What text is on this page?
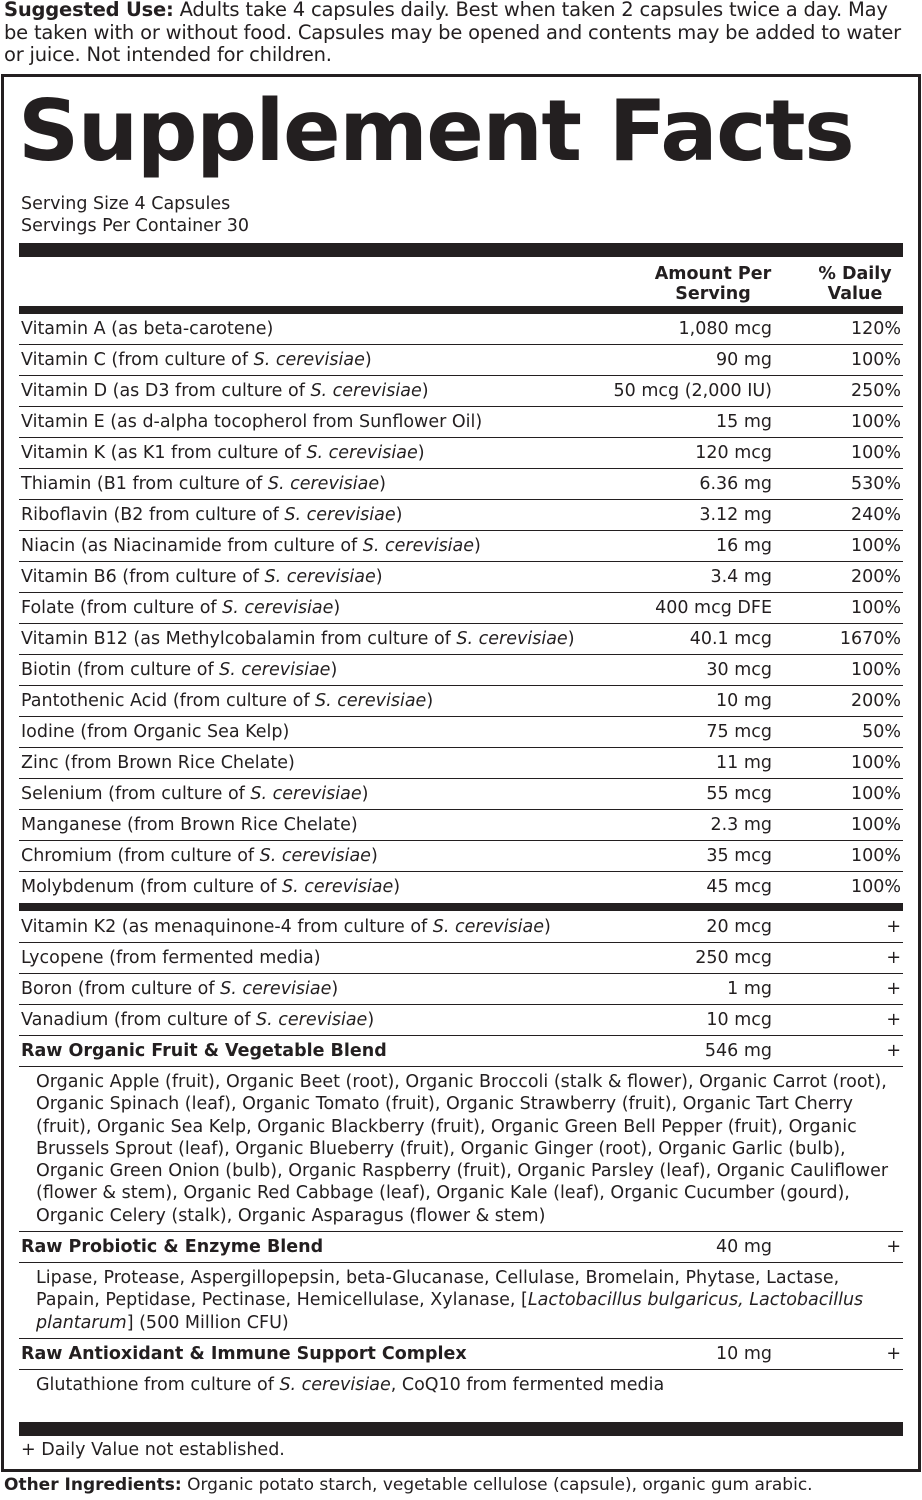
Suggested Use: Adults take 4 capsules daily. Best when taken 2 capsules twice a day. May be taken with or without food. Capsules may be opened and contents may be added to water or juice. Not intended for children.
Supplement Facts
Serving Size 4 Capsules
Servings Per Container 30
Amount Per Serving
% Daily Value
Vitamin A (as beta-carotene)	1,080 mcg	120%
Vitamin C (from culture of S. cerevisiae)	90 mg	100%
Vitamin D (as D3 from culture of S. cerevisiae)	50 mcg (2,000 IU)	250%
Vitamin E (as d-alpha tocopherol from Sunflower Oil)	15 mg	100%
Vitamin K (as K1 from culture of S. cerevisiae)	120 mcg	100%
Thiamin (B1 from culture of S. cerevisiae)	6.36 mg	530%
Riboflavin (B2 from culture of S. cerevisiae)	3.12 mg	240%
Niacin (as Niacinamide from culture of S. cerevisiae)	16 mg	100%
Vitamin B6 (from culture of S. cerevisiae)	3.4 mg	200%
Folate (from culture of S. cerevisiae)	400 mcg DFE	100%
Vitamin B12 (as Methylcobalamin from culture of S. cerevisiae)	40.1 mcg	1670%
Biotin (from culture of S. cerevisiae)	30 mcg	100%
Pantothenic Acid (from culture of S. cerevisiae)	10 mg	200%
Iodine (from Organic Sea Kelp)	75 mcg	50%
Zinc (from Brown Rice Chelate)	11 mg	100%
Selenium (from culture of S. cerevisiae)	55 mcg	100%
Manganese (from Brown Rice Chelate)	2.3 mg	100%
Chromium (from culture of S. cerevisiae)	35 mcg	100%
Molybdenum (from culture of S. cerevisiae)	45 mcg	100%
Vitamin K2 (as menaquinone-4 from culture of S. cerevisiae)	20 mcg	+
Lycopene (from fermented media)	250 mcg	+
Boron (from culture of S. cerevisiae)	1 mg	+
Vanadium (from culture of S. cerevisiae)	10 mcg	+
Raw Organic Fruit & Vegetable Blend	546 mg	+
Organic Apple (fruit), Organic Beet (root), Organic Broccoli (stalk & flower), Organic Carrot (root), Organic Spinach (leaf), Organic Tomato (fruit), Organic Strawberry (fruit), Organic Tart Cherry (fruit), Organic Sea Kelp, Organic Blackberry (fruit), Organic Green Bell Pepper (fruit), Organic Brussels Sprout (leaf), Organic Blueberry (fruit), Organic Ginger (root), Organic Garlic (bulb), Organic Green Onion (bulb), Organic Raspberry (fruit), Organic Parsley (leaf), Organic Cauliflower (flower & stem), Organic Red Cabbage (leaf), Organic Kale (leaf), Organic Cucumber (gourd), Organic Celery (stalk), Organic Asparagus (flower & stem)
Raw Probiotic & Enzyme Blend	40 mg	+
Lipase, Protease, Aspergillopepsin, beta-Glucanase, Cellulase, Bromelain, Phytase, Lactase, Papain, Peptidase, Pectinase, Hemicellulase, Xylanase, [Lactobacillus bulgaricus, Lactobacillus plantarum] (500 Million CFU)
Raw Antioxidant & Immune Support Complex	10 mg	+
Glutathione from culture of S. cerevisiae, CoQ10 from fermented media
+ Daily Value not established.
Other Ingredients: Organic potato starch, vegetable cellulose (capsule), organic gum arabic.
